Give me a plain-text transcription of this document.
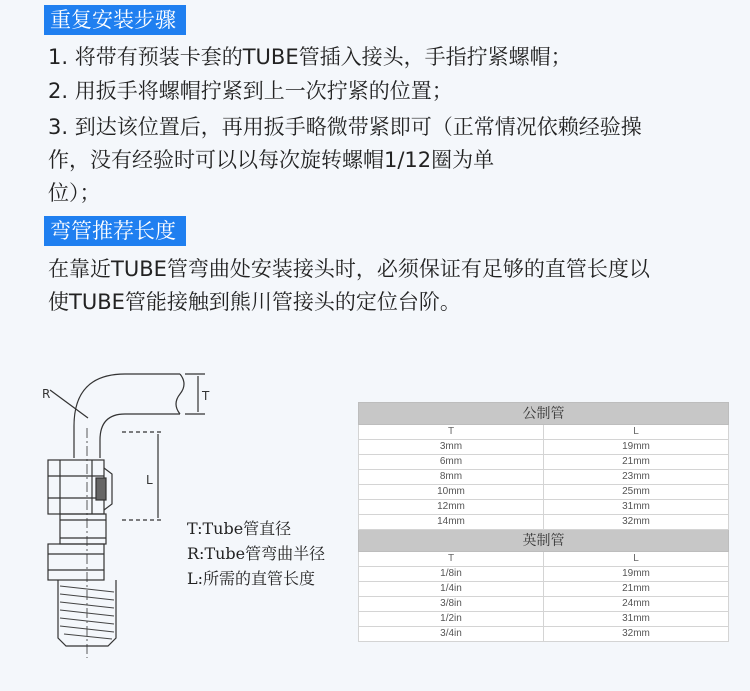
重复安装步骤
1. 将带有预装卡套的TUBE管插入接头，手指拧紧螺帽；
2. 用扳手将螺帽拧紧到上一次拧紧的位置；
3. 到达该位置后，再用扳手略微带紧即可（正常情况依赖经验操
作，没有经验时可以以每次旋转螺帽1/12圈为单
位）；
弯管推荐长度
在靠近TUBE管弯曲处安装接头时，必须保证有足够的直管长度以
使TUBE管能接触到熊川管接头的定位台阶。
R	T
L
T:Tube管直径
R:Tube管弯曲半径
L:所需的直管长度
公制管	
T	L
3mm	19mm
6mm	21mm
8mm	23mm
10mm	25mm
12mm	31mm
14mm	32mm
英制管	
T	L
1/8in	19mm
1/4in	21mm
3/8in	24mm
1/2in	31mm
3/4in	32mm
